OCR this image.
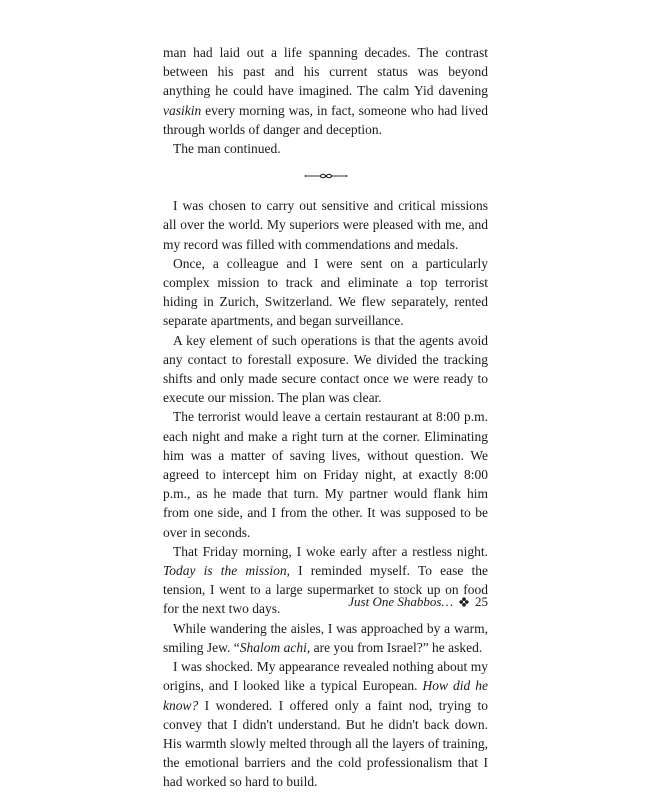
man had laid out a life spanning decades. The contrast between his past and his current status was beyond anything he could have imagined. The calm Yid davening vasikin every morning was, in fact, someone who had lived through worlds of danger and deception.

The man continued.

I was chosen to carry out sensitive and critical missions all over the world. My superiors were pleased with me, and my record was filled with commendations and medals.

Once, a colleague and I were sent on a particularly complex mission to track and eliminate a top terrorist hiding in Zurich, Switzerland. We flew separately, rented separate apartments, and began surveillance.

A key element of such operations is that the agents avoid any contact to forestall exposure. We divided the tracking shifts and only made secure contact once we were ready to execute our mission. The plan was clear.

The terrorist would leave a certain restaurant at 8:00 p.m. each night and make a right turn at the corner. Eliminating him was a matter of saving lives, without question. We agreed to intercept him on Friday night, at exactly 8:00 p.m., as he made that turn. My partner would flank him from one side, and I from the other. It was supposed to be over in seconds.

That Friday morning, I woke early after a restless night. Today is the mission, I reminded myself. To ease the tension, I went to a large supermarket to stock up on food for the next two days.

While wandering the aisles, I was approached by a warm, smiling Jew. “Shalom achi, are you from Israel?” he asked.

I was shocked. My appearance revealed nothing about my origins, and I looked like a typical European. How did he know? I wondered. I offered only a faint nod, trying to convey that I didn't understand. But he didn't back down. His warmth slowly melted through all the layers of training, the emotional barriers and the cold professionalism that I had worked so hard to build.

Just One Shabbos… 25
